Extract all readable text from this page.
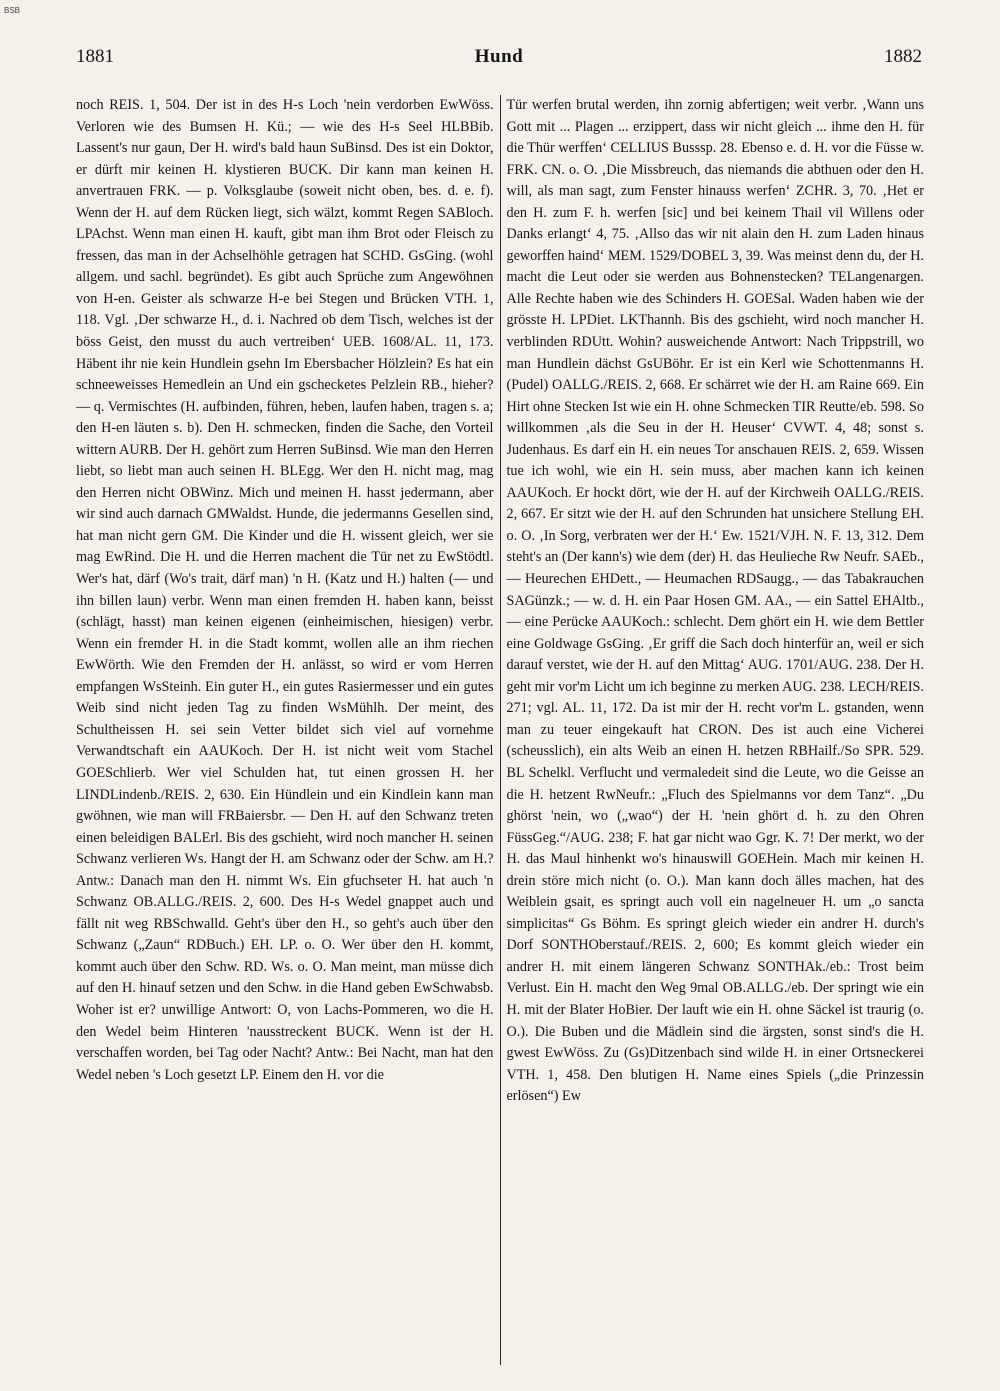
BSB
1881	Hund	1882

noch REIS. 1, 504. Der ist in des H-s Loch 'nein verdorben EwWöss. Verloren wie des Bumsen H. Kü.; — wie des H-s Seel HLBBib. Lassent's nur gaun, Der H. wird's bald haun SuBinsd. Des ist ein Doktor, er dürft mir keinen H. klystieren BUCK. Dir kann man keinen H. anvertrauen FRK. — p. Volksglaube (soweit nicht oben, bes. d. e. f). Wenn der H. auf dem Rücken liegt, sich wälzt, kommt Regen SABloch. LPAchst. Wenn man einen H. kauft, gibt man ihm Brot oder Fleisch zu fressen, das man in der Achselhöhle getragen hat SCHD. GsGing. (wohl allgem. und sachl. begründet). Es gibt auch Sprüche zum Angewöhnen von H-en. Geister als schwarze H-e bei Stegen und Brücken VTH. 1, 118. Vgl. ‚Der schwarze H., d. i. Nachred ob dem Tisch, welches ist der böss Geist, den musst du auch vertreiben‘ UEB. 1608/AL. 11, 173. Häbent ihr nie kein Hundlein gsehn Im Ebersbacher Hölzlein? Es hat ein schneeweisses Hemedlein an Und ein gschecketes Pelzlein RB., hieher? — q. Vermischtes (H. aufbinden, führen, heben, laufen haben, tragen s. a; den H-en läuten s. b). Den H. schmecken, finden die Sache, den Vorteil wittern AURB. Der H. gehört zum Herren SuBinsd. Wie man den Herren liebt, so liebt man auch seinen H. BLEgg. Wer den H. nicht mag, mag den Herren nicht OBWinz. Mich und meinen H. hasst jedermann, aber wir sind auch darnach GMWaldst. Hunde, die jedermanns Gesellen sind, hat man nicht gern GM. Die Kinder und die H. wissent gleich, wer sie mag EwRind. Die H. und die Herren machent die Tür net zu EwStödtl. Wer's hat, därf (Wo's trait, därf man) 'n H. (Katz und H.) halten (— und ihn billen laun) verbr. Wenn man einen fremden H. haben kann, beisst (schlägt, hasst) man keinen eigenen (einheimischen, hiesigen) verbr. Wenn ein fremder H. in die Stadt kommt, wollen alle an ihm riechen EwWörth. Wie den Fremden der H. anlässt, so wird er vom Herren empfangen WsSteinh. Ein guter H., ein gutes Rasiermesser und ein gutes Weib sind nicht jeden Tag zu finden WsMühlh. Der meint, des Schultheissen H. sei sein Vetter bildet sich viel auf vornehme Verwandtschaft ein AAUKoch. Der H. ist nicht weit vom Stachel GOESchlierb. Wer viel Schulden hat, tut einen grossen H. her LINDLindenb./REIS. 2, 630. Ein Hündlein und ein Kindlein kann man gwöhnen, wie man will FRBaiersbr. — Den H. auf den Schwanz treten einen beleidigen BALErl. Bis des gschieht, wird noch mancher H. seinen Schwanz verlieren Ws. Hangt der H. am Schwanz oder der Schw. am H.? Antw.: Danach man den H. nimmt Ws. Ein gfuchseter H. hat auch 'n Schwanz OB.ALLG./REIS. 2, 600. Des H-s Wedel gnappet auch und fällt nit weg RBSchwalld. Geht's über den H., so geht's auch über den Schwanz („Zaun“ RDBuch.) EH. LP. o. O. Wer über den H. kommt, kommt auch über den Schw. RD. Ws. o. O. Man meint, man müsse dich auf den H. hinauf setzen und den Schw. in die Hand geben EwSchwabsb. Woher ist er? unwillige Antwort: O, von Lachs-Pommeren, wo die H. den Wedel beim Hinteren 'nausstreckent BUCK. Wenn ist der H. verschaffen worden, bei Tag oder Nacht? Antw.: Bei Nacht, man hat den Wedel neben 's Loch gesetzt LP. Einem den H. vor die

Tür werfen brutal werden, ihn zornig abfertigen; weit verbr. ‚Wann uns Gott mit ... Plagen ... erzippert, dass wir nicht gleich ... ihme den H. für die Thür werffen‘ CELLIUS Busssp. 28. Ebenso e. d. H. vor die Füsse w. FRK. CN. o. O. ‚Die Missbreuch, das niemands die abthuen oder den H. will, als man sagt, zum Fenster hinauss werfen‘ ZCHR. 3, 70. ‚Het er den H. zum F. h. werfen [sic] und bei keinem Thail vil Willens oder Danks erlangt‘ 4, 75. ‚Allso das wir nit alain den H. zum Laden hinaus geworffen haind‘ MEM. 1529/DOBEL 3, 39. Was meinst denn du, der H. macht die Leut oder sie werden aus Bohnenstecken? TELangenargen. Alle Rechte haben wie des Schinders H. GOESal. Waden haben wie der grösste H. LPDiet. LKThannh. Bis des gschieht, wird noch mancher H. verblinden RDUtt. Wohin? ausweichende Antwort: Nach Trippstrill, wo man Hundlein dächst GsUBöhr. Er ist ein Kerl wie Schottenmanns H. (Pudel) OALLG./REIS. 2, 668. Er schärret wie der H. am Raine 669. Ein Hirt ohne Stecken Ist wie ein H. ohne Schmecken TIR Reutte/eb. 598. So willkommen ‚als die Seu in der H. Heuser‘ CVWT. 4, 48; sonst s. Judenhaus. Es darf ein H. ein neues Tor anschauen REIS. 2, 659. Wissen tue ich wohl, wie ein H. sein muss, aber machen kann ich keinen AAUKoch. Er hockt dört, wie der H. auf der Kirchweih OALLG./REIS. 2, 667. Er sitzt wie der H. auf den Schrunden hat unsichere Stellung EH. o. O. ‚In Sorg, verbraten wer der H.‘ Ew. 1521/VJH. N. F. 13, 312. Dem steht's an (Der kann's) wie dem (der) H. das Heulieche Rw Neufr. SAEb., — Heurechen EHDett., — Heumachen RDSaugg., — das Tabakrauchen SAGünzk.; — w. d. H. ein Paar Hosen GM. AA., — ein Sattel EHAltb., — eine Perücke AAUKoch.: schlecht. Dem ghört ein H. wie dem Bettler eine Goldwage GsGing. ‚Er griff die Sach doch hinterfür an, weil er sich darauf verstet, wie der H. auf den Mittag‘ AUG. 1701/AUG. 238. Der H. geht mir vor'm Licht um ich beginne zu merken AUG. 238. LECH/REIS. 271; vgl. AL. 11, 172. Da ist mir der H. recht vor'm L. gstanden, wenn man zu teuer eingekauft hat CRON. Des ist auch eine Vicherei (scheusslich), ein alts Weib an einen H. hetzen RBHailf./So SPR. 529. BL Schelkl. Verflucht und vermaledeit sind die Leute, wo die Geisse an die H. hetzent RwNeufr.: „Fluch des Spielmanns vor dem Tanz“. „Du ghörst 'nein, wo („wao“) der H. 'nein ghört d. h. zu den Ohren FüssGeg.“/AUG. 238; F. hat gar nicht wao Ggr. K. 7! Der merkt, wo der H. das Maul hinhenkt wo's hinauswill GOEHein. Mach mir keinen H. drein störe mich nicht (o. O.). Man kann doch älles machen, hat des Weiblein gsait, es springt auch voll ein nagelneuer H. um „o sancta simplicitas“ Gs Böhm. Es springt gleich wieder ein andrer H. durch's Dorf SONTHOberstauf./REIS. 2, 600; Es kommt gleich wieder ein andrer H. mit einem längeren Schwanz SONTHAk./eb.: Trost beim Verlust. Ein H. macht den Weg 9mal OB.ALLG./eb. Der springt wie ein H. mit der Blater HoBier. Der lauft wie ein H. ohne Säckel ist traurig (o. O.). Die Buben und die Mädlein sind die ärgsten, sonst sind's die H. gwest EwWöss. Zu (Gs)Ditzenbach sind wilde H. in einer Ortsneckerei VTH. 1, 458. Den blutigen H. Name eines Spiels („die Prinzessin erlösen“) Ew
